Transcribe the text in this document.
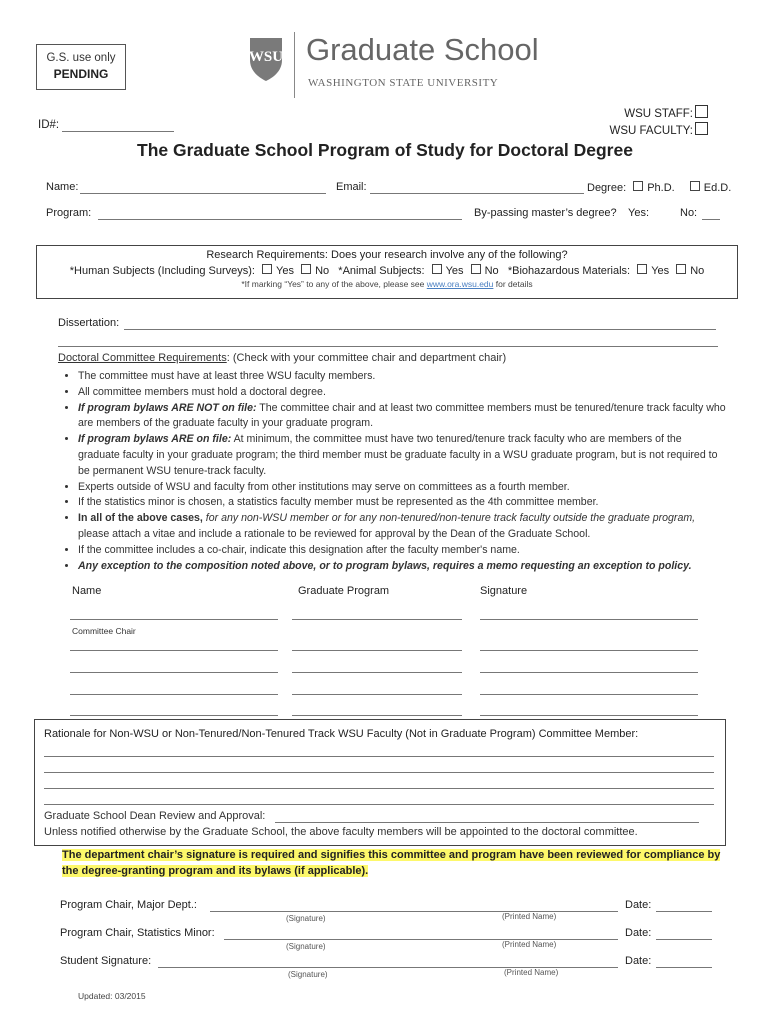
G.S. use only
PENDING
WSU Graduate School
WASHINGTON STATE UNIVERSITY
WSU STAFF:
WSU FACULTY:
ID#:
The Graduate School Program of Study for Doctoral Degree
Name:	Email:	Degree: Ph.D.	Ed.D.
Program:	By-passing master’s degree? Yes:	No:
Research Requirements: Does your research involve any of the following?
*Human Subjects (Including Surveys): Yes No *Animal Subjects: Yes No *Biohazardous Materials: Yes No
*If marking “Yes” to any of the above, please see www.ora.wsu.edu for details
Dissertation:
Doctoral Committee Requirements: (Check with your committee chair and department chair)
• The committee must have at least three WSU faculty members.
• All committee members must hold a doctoral degree.
• If program bylaws ARE NOT on file: The committee chair and at least two committee members must be tenured/tenure track faculty who are members of the graduate faculty in your graduate program.
• If program bylaws ARE on file: At minimum, the committee must have two tenured/tenure track faculty who are members of the graduate faculty in your graduate program; the third member must be graduate faculty in a WSU graduate program, but is not required to be permanent WSU tenure-track faculty.
• Experts outside of WSU and faculty from other institutions may serve on committees as a fourth member.
• If the statistics minor is chosen, a statistics faculty member must be represented as the 4th committee member.
• In all of the above cases, for any non-WSU member or for any non-tenured/non-tenure track faculty outside the graduate program, please attach a vitae and include a rationale to be reviewed for approval by the Dean of the Graduate School.
• If the committee includes a co-chair, indicate this designation after the faculty member's name.
• Any exception to the composition noted above, or to program bylaws, requires a memo requesting an exception to policy.
Name	Graduate Program	Signature
Committee Chair
Rationale for Non-WSU or Non-Tenured/Non-Tenured Track WSU Faculty (Not in Graduate Program) Committee Member:
Graduate School Dean Review and Approval:
Unless notified otherwise by the Graduate School, the above faculty members will be appointed to the doctoral committee.
The department chair’s signature is required and signifies this committee and program have been reviewed for compliance by the degree-granting program and its bylaws (if applicable).
Program Chair, Major Dept.:	Date:
(Signature)	(Printed Name)
Program Chair, Statistics Minor:	Date:
(Signature)	(Printed Name)
Student Signature:	Date:
(Signature)	(Printed Name)
Updated: 03/2015
